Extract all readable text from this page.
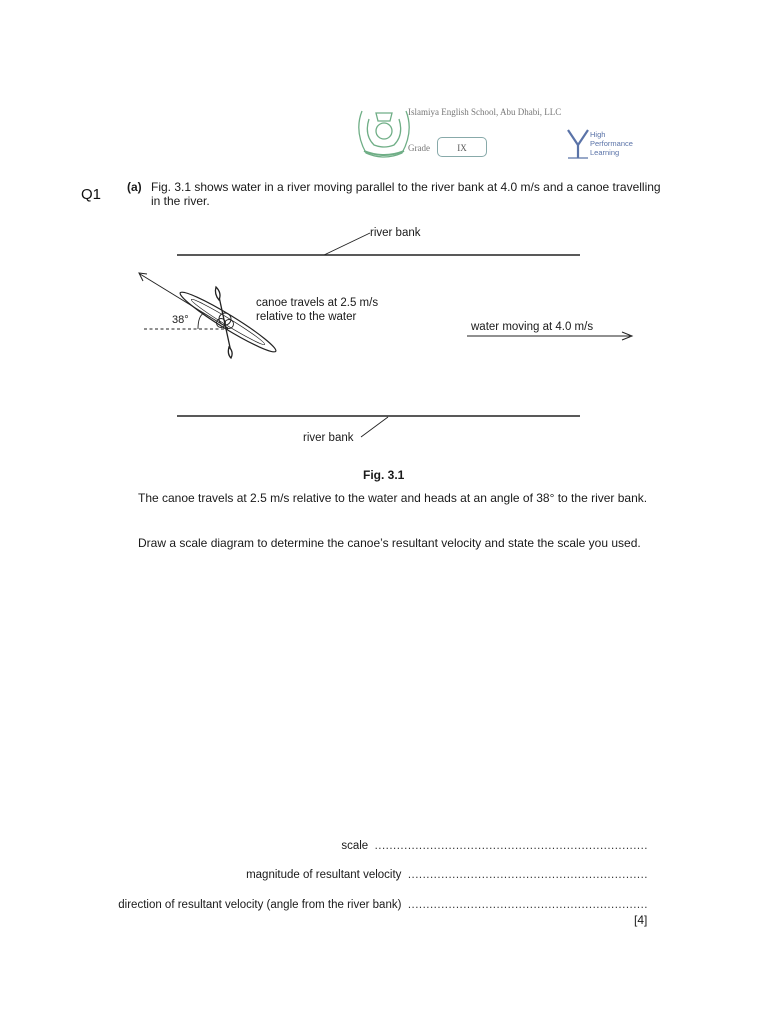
Islamiya English School, Abu Dhabi, LLC
Grade	IX
High
Performance
Learning
Q1 (a) Fig. 3.1 shows water in a river moving parallel to the river bank at 4.0 m/s and a canoe travelling in the river.
river bank
river bank
canoe travels at 2.5 m/s
relative to the water
water moving at 4.0 m/s
38°
Fig. 3.1
The canoe travels at 2.5 m/s relative to the water and heads at an angle of 38° to the river bank.
Draw a scale diagram to determine the canoe’s resultant velocity and state the scale you used.
scale ..........................................................................
magnitude of resultant velocity .................................................................
direction of resultant velocity (angle from the river bank) .................................................................
[4]
